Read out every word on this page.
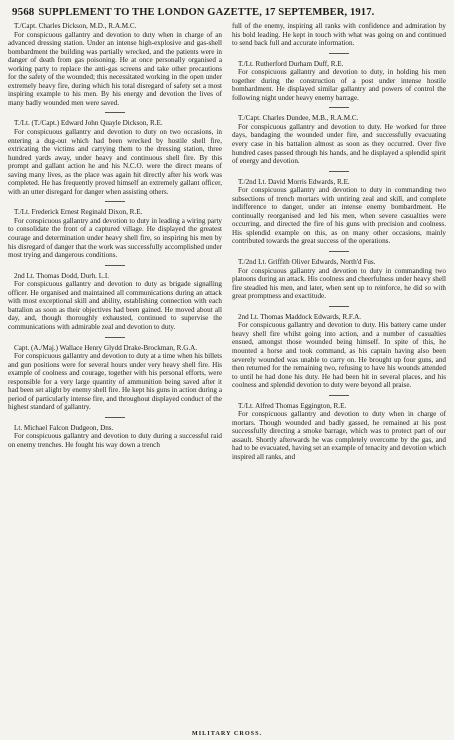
9568 SUPPLEMENT TO THE LONDON GAZETTE, 17 SEPTEMBER, 1917.
T./Capt. Charles Dickson, M.D., R.A.M.C.
For conspicuous gallantry and devotion to duty when in charge of an advanced dressing station. Under an intense high-explosive and gas-shell bombardment the building was partially wrecked, and the patients were in danger of death from gas poisoning. He at once personally organised a working party to replace the anti-gas screens and take other precautions for the safety of the wounded; this necessitated working in the open under extremely heavy fire, during which his total disregard of safety set a most inspiring example to his men. By his energy and devotion the lives of many badly wounded men were saved.
T./Lt. (T./Capt.) Edward John Quayle Dickson, R.E.
For conspicuous gallantry and devotion to duty on two occasions, in entering a dug-out which had been wrecked by hostile shell fire, extricating the victims and carrying them to the dressing station, three hundred yards away, under heavy and continuous shell fire. By this prompt and gallant action he and his N.C.O. were the direct means of saving many lives, as the place was again hit directly after his work was completed. He has frequently proved himself an extremely gallant officer, with an utter disregard for danger when assisting others.
T./Lt. Frederick Ernest Reginald Dixon, R.E.
For conspicuous gallantry and devotion to duty in leading a wiring party to consolidate the front of a captured village. He displayed the greatest courage and determination under heavy shell fire, so inspiring his men by his disregard of danger that the work was successfully accomplished under most trying and dangerous conditions.
2nd Lt. Thomas Dodd, Durh. L.I.
For conspicuous gallantry and devotion to duty as brigade signalling officer. He organised and maintained all communications during an attack with most exceptional skill and ability, establishing connection with each battalion as soon as their objectives had been gained. He moved about all day, and, though thoroughly exhausted, continued to supervise the communications with admirable zeal and devotion to duty.
Capt. (A./Maj.) Wallace Henry Glydd Drake-Brockman, R.G.A.
For conspicuous gallantry and devotion to duty at a time when his billets and gun positions were for several hours under very heavy shell fire. His example of coolness and courage, together with his personal efforts, were responsible for a very large quantity of ammunition being saved after it had been set alight by enemy shell fire. He kept his guns in action during a period of particularly intense fire, and throughout displayed conduct of the highest standard of gallantry.
Lt. Michael Falcon Dudgeon, Dns.
For conspicuous gallantry and devotion to duty during a successful raid on enemy trenches. He fought his way down a trench
full of the enemy, inspiring all ranks with confidence and admiration by his bold leading. He kept in touch with what was going on and continued to send back full and accurate information.
T./Lt. Rutherford Durham Duff, R.E.
For conspicuous gallantry and devotion to duty, in holding his men together during the construction of a post under intense hostile bombardment. He displayed similar gallantry and powers of control the following night under heavy enemy barrage.
T./Capt. Charles Dundee, M.B., R.A.M.C.
For conspicuous gallantry and devotion to duty. He worked for three days, bandaging the wounded under fire, and successfully evacuating every case in his battalion almost as soon as they occurred. Over five hundred cases passed through his hands, and he displayed a splendid spirit of energy and devotion.
T./2nd Lt. David Morris Edwards, R.E.
For conspicuous gallantry and devotion to duty in commanding two subsections of trench mortars with untiring zeal and skill, and complete indifference to danger, under an intense enemy bombardment. He continually reorganised and led his men, when severe casualties were occurring, and directed the fire of his guns with precision and coolness. His splendid example on this, as on many other occasions, mainly contributed towards the great success of the operations.
T./2nd Lt. Griffith Oliver Edwards, North'd Fus.
For conspicuous gallantry and devotion to duty in commanding two platoons during an attack. His coolness and cheerfulness under heavy shell fire steadied his men, and later, when sent up to reinforce, he did so with great promptness and exactitude.
2nd Lt. Thomas Maddock Edwards, R.F.A.
For conspicuous gallantry and devotion to duty. His battery came under heavy shell fire whilst going into action, and a number of casualties ensued, amongst those wounded being himself. In spite of this, he mounted a horse and took command, as his captain having also been severely wounded was unable to carry on. He brought up four guns, and then returned for the remaining two, refusing to have his wounds attended to until he had done his duty. He had been hit in several places, and his coolness and splendid devotion to duty were beyond all praise.
T./Lt. Alfred Thomas Eggington, R.E.
For conspicuous gallantry and devotion to duty when in charge of mortars. Though wounded and badly gassed, he remained at his post successfully directing a smoke barrage, which was to protect part of our assault. Shortly afterwards he was completely overcome by the gas, and had to be evacuated, having set an example of tenacity and devotion which inspired all ranks, and
MILITARY CROSS.
